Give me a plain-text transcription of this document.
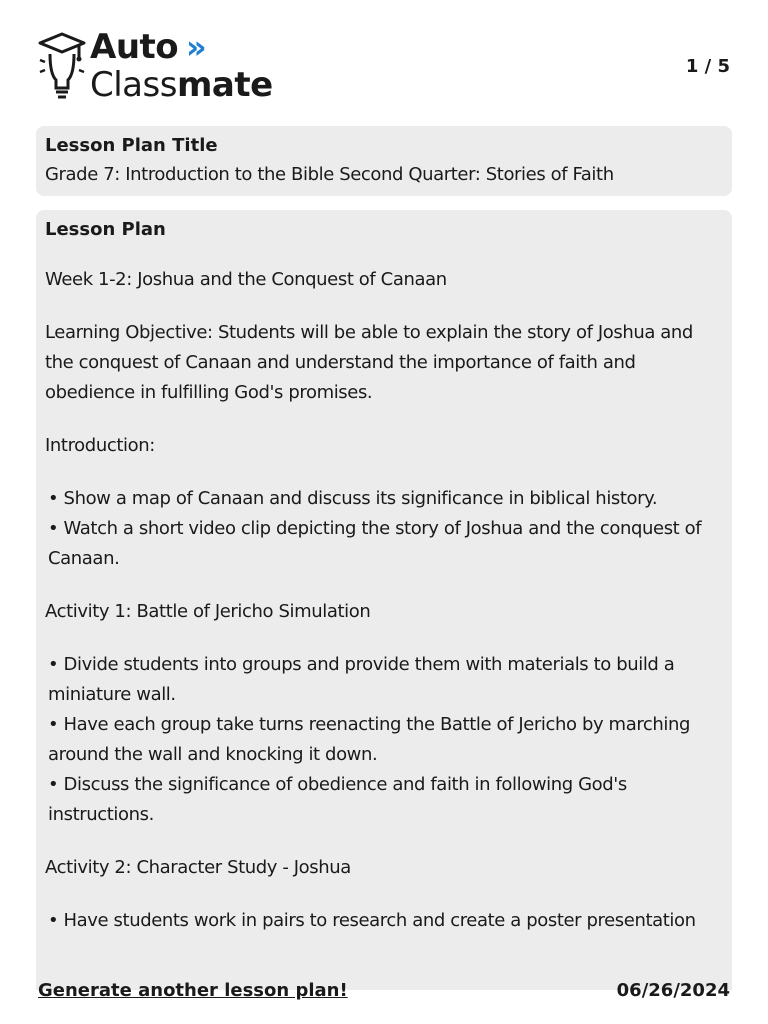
Auto »
Classmate	1 / 5
Lesson Plan Title
Grade 7: Introduction to the Bible Second Quarter: Stories of Faith
Lesson Plan

Week 1-2: Joshua and the Conquest of Canaan

Learning Objective: Students will be able to explain the story of Joshua and the conquest of Canaan and understand the importance of faith and obedience in fulfilling God's promises.

Introduction:

• Show a map of Canaan and discuss its significance in biblical history.
• Watch a short video clip depicting the story of Joshua and the conquest of Canaan.

Activity 1: Battle of Jericho Simulation

• Divide students into groups and provide them with materials to build a miniature wall.
• Have each group take turns reenacting the Battle of Jericho by marching around the wall and knocking it down.
• Discuss the significance of obedience and faith in following God's instructions.

Activity 2: Character Study - Joshua

• Have students work in pairs to research and create a poster presentation

Generate another lesson plan!	06/26/2024
